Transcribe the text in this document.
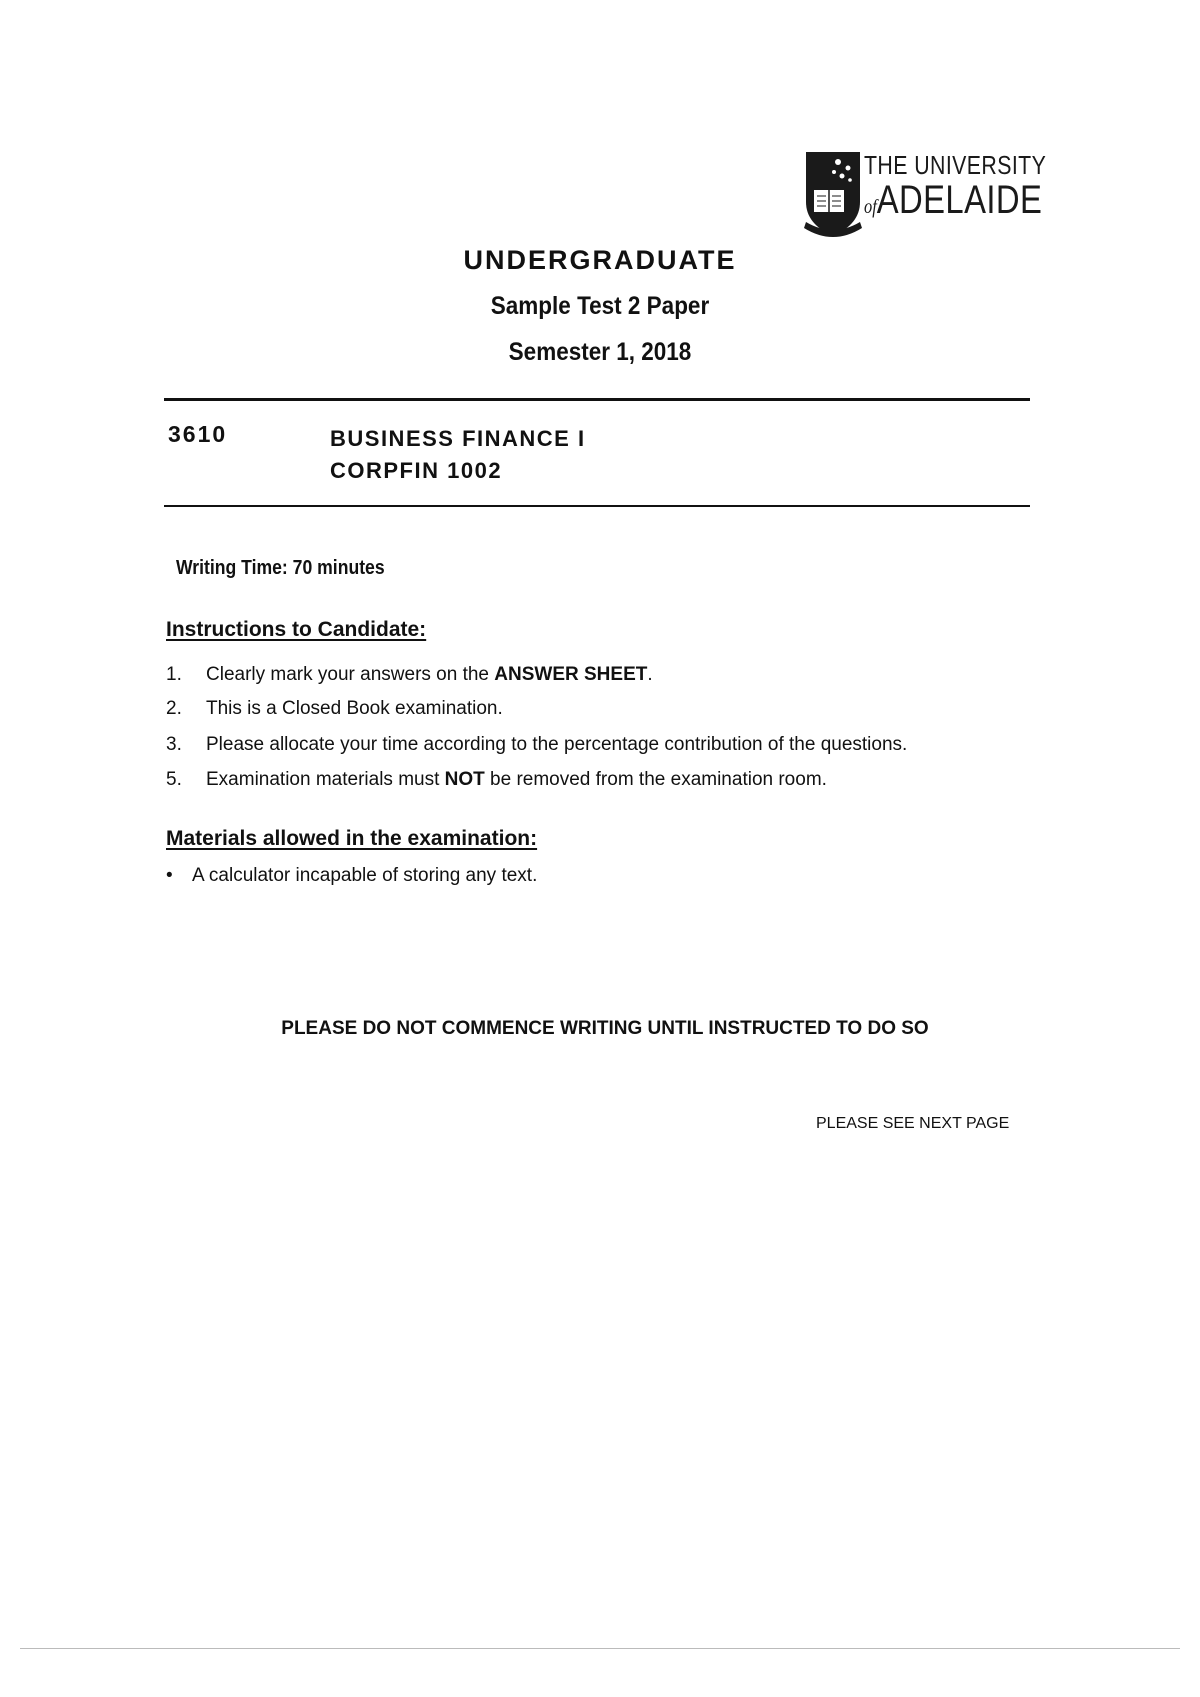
THE UNIVERSITY
ofADELAIDE
UNDERGRADUATE
Sample Test 2 Paper
Semester 1, 2018
3610	BUSINESS FINANCE I
CORPFIN 1002
Writing Time: 70 minutes
Instructions to Candidate:
1. Clearly mark your answers on the ANSWER SHEET.
2. This is a Closed Book examination.
3. Please allocate your time according to the percentage contribution of the questions.
5. Examination materials must NOT be removed from the examination room.
Materials allowed in the examination:
• A calculator incapable of storing any text.
PLEASE DO NOT COMMENCE WRITING UNTIL INSTRUCTED TO DO SO
PLEASE SEE NEXT PAGE
